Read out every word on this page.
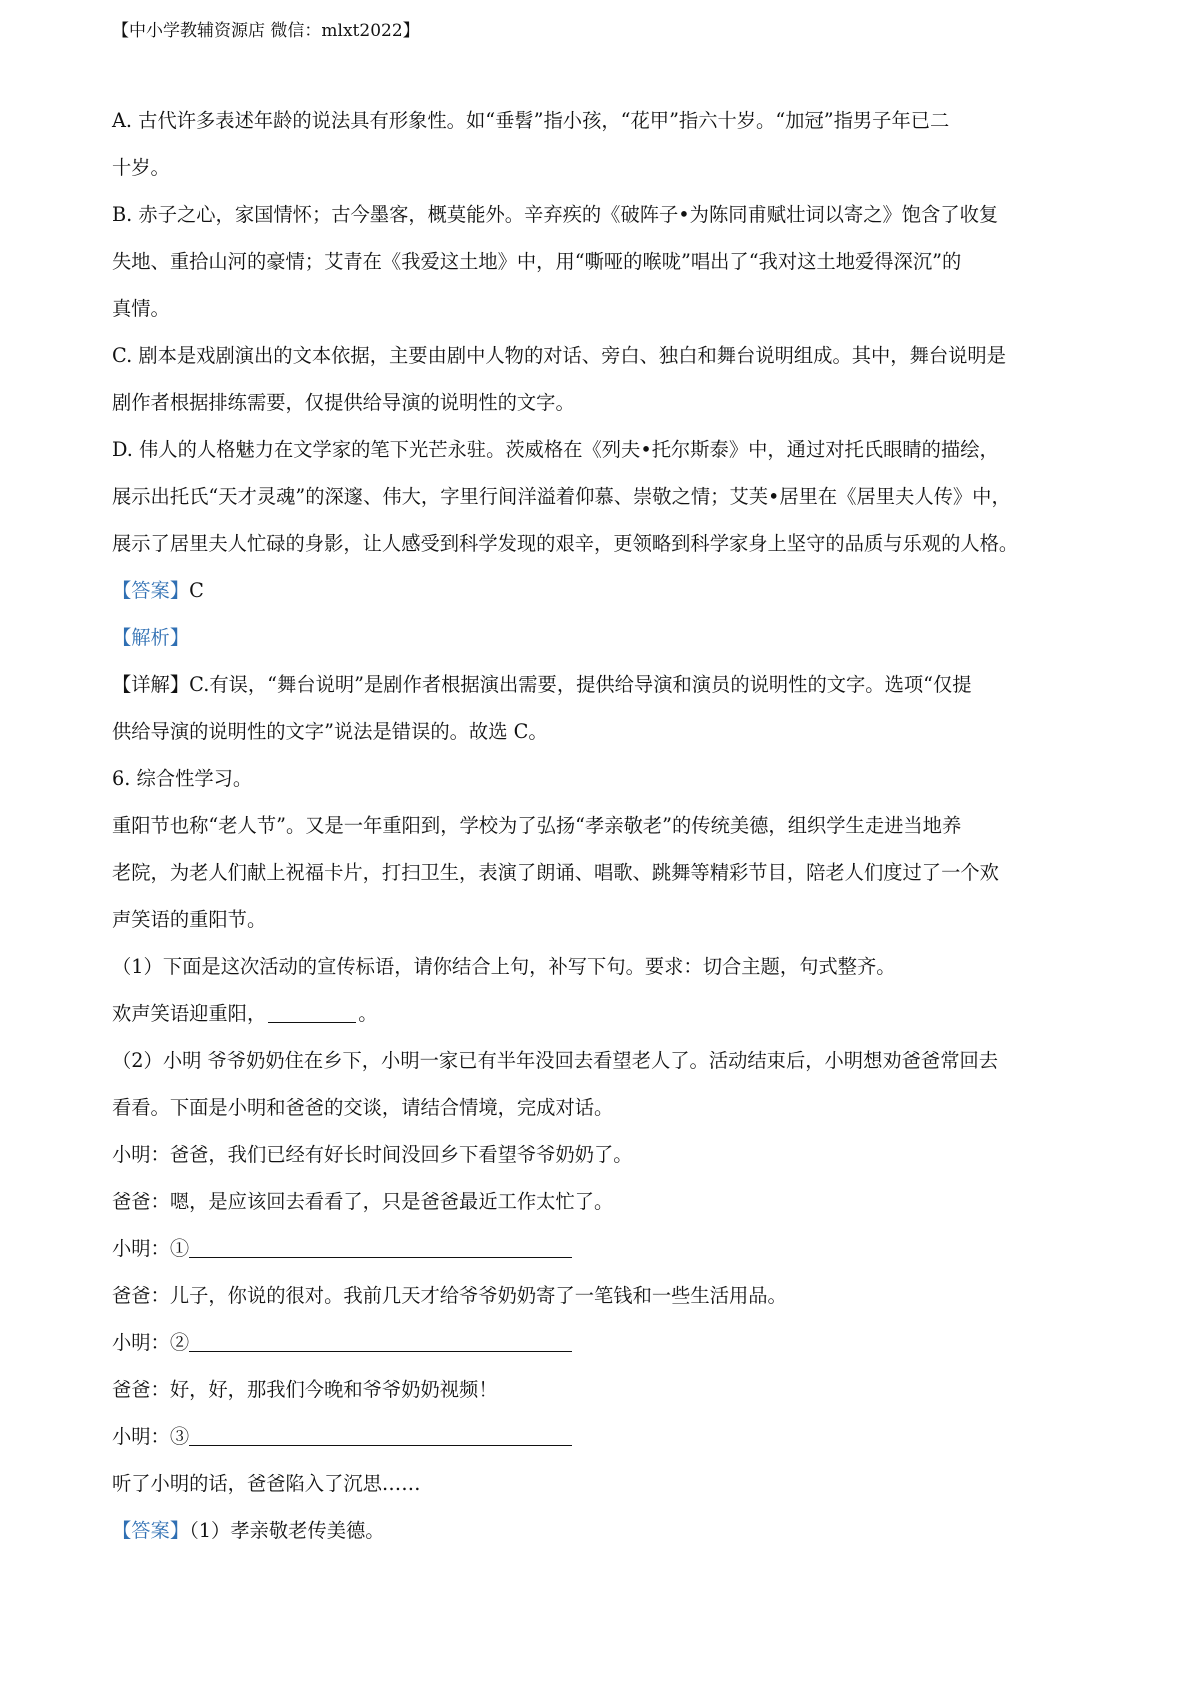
【中小学教辅资源店 微信：mlxt2022】
A. 古代许多表述年龄的说法具有形象性。如“垂髫”指小孩，“花甲”指六十岁。“加冠”指男子年已二
十岁。
B. 赤子之心，家国情怀；古今墨客，概莫能外。辛弃疾的《破阵子•为陈同甫赋壮词以寄之》饱含了收复
失地、重拾山河的豪情；艾青在《我爱这土地》中，用“嘶哑的喉咙”唱出了“我对这土地爱得深沉”的
真情。
C. 剧本是戏剧演出的文本依据，主要由剧中人物的对话、旁白、独白和舞台说明组成。其中，舞台说明是
剧作者根据排练需要，仅提供给导演的说明性的文字。
D. 伟人的人格魅力在文学家的笔下光芒永驻。茨威格在《列夫•托尔斯泰》中，通过对托氏眼睛的描绘，
展示出托氏“天才灵魂”的深邃、伟大，字里行间洋溢着仰慕、崇敬之情；艾芙•居里在《居里夫人传》中，
展示了居里夫人忙碌的身影，让人感受到科学发现的艰辛，更领略到科学家身上坚守的品质与乐观的人格。
【答案】C
【解析】
【详解】C.有误，“舞台说明”是剧作者根据演出需要，提供给导演和演员的说明性的文字。选项“仅提
供给导演的说明性的文字”说法是错误的。故选 C。
6. 综合性学习。
重阳节也称“老人节”。又是一年重阳到，学校为了弘扬“孝亲敬老”的传统美德，组织学生走进当地养
老院，为老人们献上祝福卡片，打扫卫生，表演了朗诵、唱歌、跳舞等精彩节目，陪老人们度过了一个欢
声笑语的重阳节。
（1）下面是这次活动的宣传标语，请你结合上句，补写下句。要求：切合主题，句式整齐。
欢声笑语迎重阳，	。
（2）小明 爷爷奶奶住在乡下，小明一家已有半年没回去看望老人了。活动结束后，小明想劝爸爸常回去
看看。下面是小明和爸爸的交谈，请结合情境，完成对话。
小明：爸爸，我们已经有好长时间没回乡下看望爷爷奶奶了。
爸爸：嗯，是应该回去看看了，只是爸爸最近工作太忙了。
小明：①
爸爸：儿子，你说的很对。我前几天才给爷爷奶奶寄了一笔钱和一些生活用品。
小明：②
爸爸：好，好，那我们今晚和爷爷奶奶视频！
小明：③
听了小明的话，爸爸陷入了沉思……
【答案】（1）孝亲敬老传美德。
